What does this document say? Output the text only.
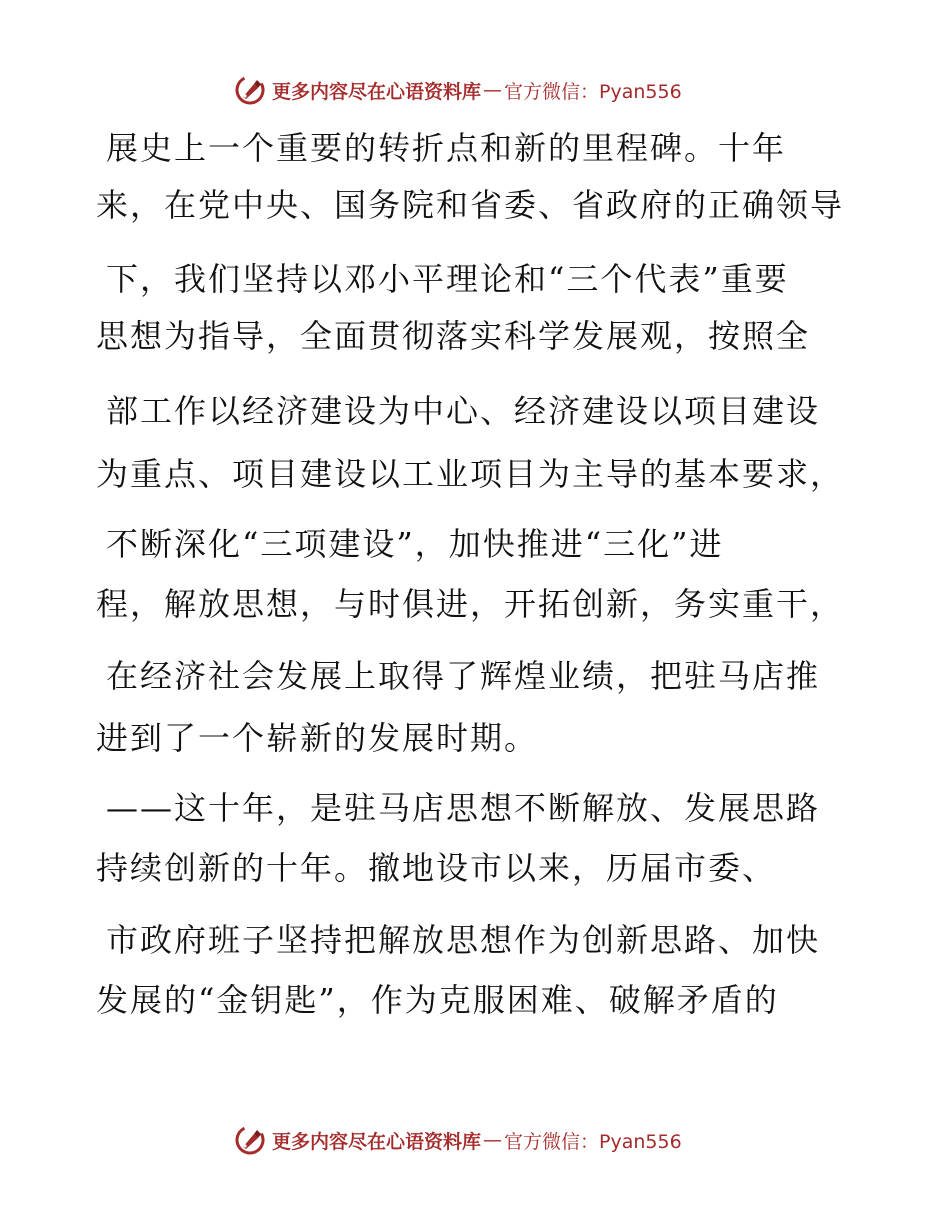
更多内容尽在心语资料库 — 官方微信：Pyan556
展史上一个重要的转折点和新的里程碑。十年
来，在党中央、国务院和省委、省政府的正确领导
下，我们坚持以邓小平理论和“三个代表”重要
思想为指导，全面贯彻落实科学发展观，按照全
部工作以经济建设为中心、经济建设以项目建设
为重点、项目建设以工业项目为主导的基本要求，
不断深化“三项建设”，加快推进“三化”进
程，解放思想，与时俱进，开拓创新，务实重干，
在经济社会发展上取得了辉煌业绩，把驻马店推
进到了一个崭新的发展时期。
——这十年，是驻马店思想不断解放、发展思路
持续创新的十年。撤地设市以来，历届市委、
市政府班子坚持把解放思想作为创新思路、加快
发展的“金钥匙”，作为克服困难、破解矛盾的
更多内容尽在心语资料库 — 官方微信：Pyan556
